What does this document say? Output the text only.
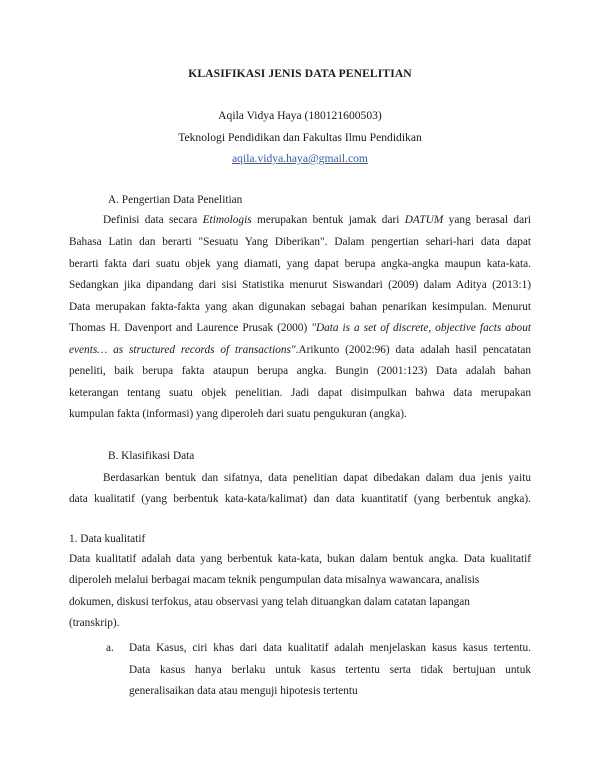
KLASIFIKASI JENIS DATA PENELITIAN
Aqila Vidya Haya (180121600503)
Teknologi Pendidikan dan Fakultas Ilmu Pendidikan
aqila.vidya.haya@gmail.com
A. Pengertian Data Penelitian
Definisi data secara Etimologis merupakan bentuk jamak dari DATUM yang berasal dari
Bahasa Latin dan berarti "Sesuatu Yang Diberikan". Dalam pengertian sehari-hari data dapat
berarti fakta dari suatu objek yang diamati, yang dapat berupa angka-angka maupun kata-kata.
Sedangkan jika dipandang dari sisi Statistika menurut Siswandari (2009) dalam Aditya (2013:1)
Data merupakan fakta-fakta yang akan digunakan sebagai bahan penarikan kesimpulan. Menurut
Thomas H. Davenport and Laurence Prusak (2000) "Data is a set of discrete, objective facts about
events… as structured records of transactions".Arikunto (2002:96) data adalah hasil pencatatan
peneliti, baik berupa fakta ataupun berupa angka. Bungin (2001:123) Data adalah bahan
keterangan tentang suatu objek penelitian. Jadi dapat disimpulkan bahwa data merupakan
kumpulan fakta (informasi) yang diperoleh dari suatu pengukuran (angka).
B. Klasifikasi Data
Berdasarkan bentuk dan sifatnya, data penelitian dapat dibedakan dalam dua jenis yaitu
data kualitatif (yang berbentuk kata-kata/kalimat) dan data kuantitatif (yang berbentuk angka).
1. Data kualitatif
Data kualitatif adalah data yang berbentuk kata-kata, bukan dalam bentuk angka. Data kualitatif
diperoleh melalui berbagai macam teknik pengumpulan data misalnya wawancara, analisis
dokumen, diskusi terfokus, atau observasi yang telah dituangkan dalam catatan lapangan
(transkrip).
a. Data Kasus, ciri khas dari data kualitatif adalah menjelaskan kasus kasus tertentu.
Data kasus hanya berlaku untuk kasus tertentu serta tidak bertujuan untuk
generalisaikan data atau menguji hipotesis tertentu
